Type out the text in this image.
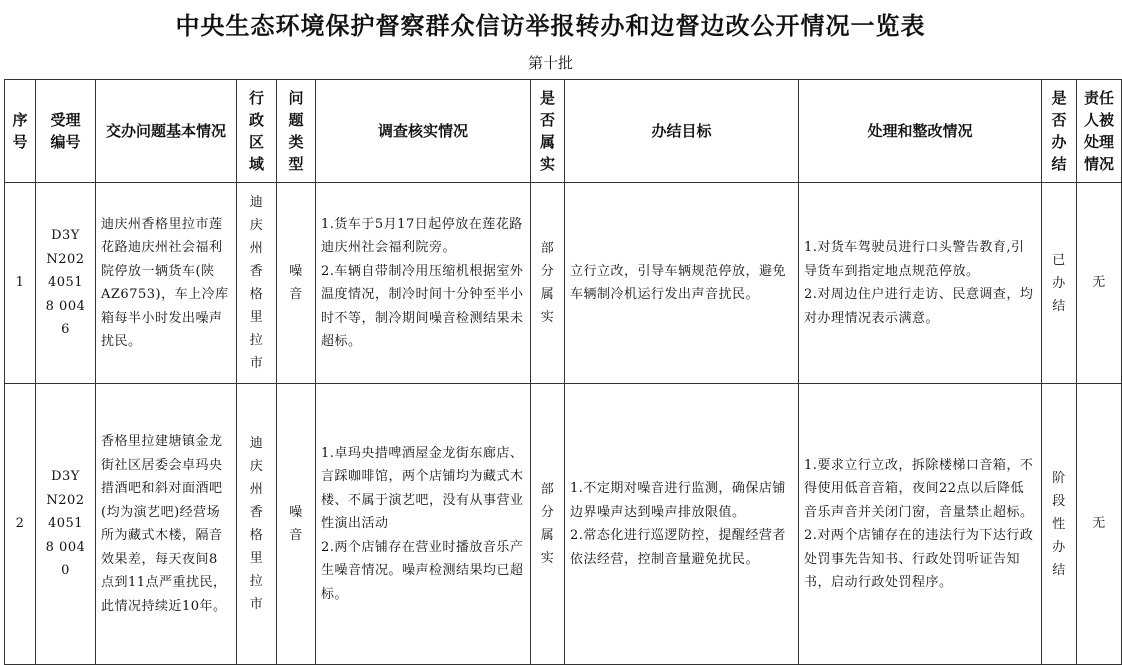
中央生态环境保护督察群众信访举报转办和边督边改公开情况一览表
第十批
序号	受理编号	交办问题基本情况	行政区域	问题类型	调查核实情况	是否属实	办结目标	处理和整改情况	是否办结	责任人被处理情况

1	D3YN20240518 0046	迪庆州香格里拉市莲花路迪庆州社会福利院停放一辆货车(陕AZ6753)，车上冷库箱每半小时发出噪声扰民。	迪庆州香格里拉市	噪音	1.货车于5月17日起停放在莲花路迪庆州社会福利院旁。
2.车辆自带制冷用压缩机根据室外温度情况，制冷时间十分钟至半小时不等，制冷期间噪音检测结果未超标。	部分属实	立行立改，引导车辆规范停放，避免车辆制冷机运行发出声音扰民。	1.对货车驾驶员进行口头警告教育,引导货车到指定地点规范停放。
2.对周边住户进行走访、民意调查，均对办理情况表示满意。	已办结	无
2	D3YN20240518 0040	香格里拉建塘镇金龙街社区居委会卓玛央措酒吧和斜对面酒吧(均为演艺吧)经营场所为藏式木楼，隔音效果差，每天夜间8点到11点严重扰民，此情况持续近10年。	迪庆州香格里拉市	噪音	1.卓玛央措啤酒屋金龙街东廊店、言踩咖啡馆，两个店铺均为藏式木楼、不属于演艺吧，没有从事营业性演出活动
2.两个店铺存在营业时播放音乐产生噪音情况。噪声检测结果均已超标。	部分属实	1.不定期对噪音进行监测，确保店铺边界噪声达到噪声排放限值。
2.常态化进行巡逻防控，提醒经营者依法经营，控制音量避免扰民。	1.要求立行立改，拆除楼梯口音箱，不得使用低音音箱，夜间22点以后降低音乐声音并关闭门窗，音量禁止超标。
2.对两个店铺存在的违法行为下达行政处罚事先告知书、行政处罚听证告知书，启动行政处罚程序。	阶段性办结	无
